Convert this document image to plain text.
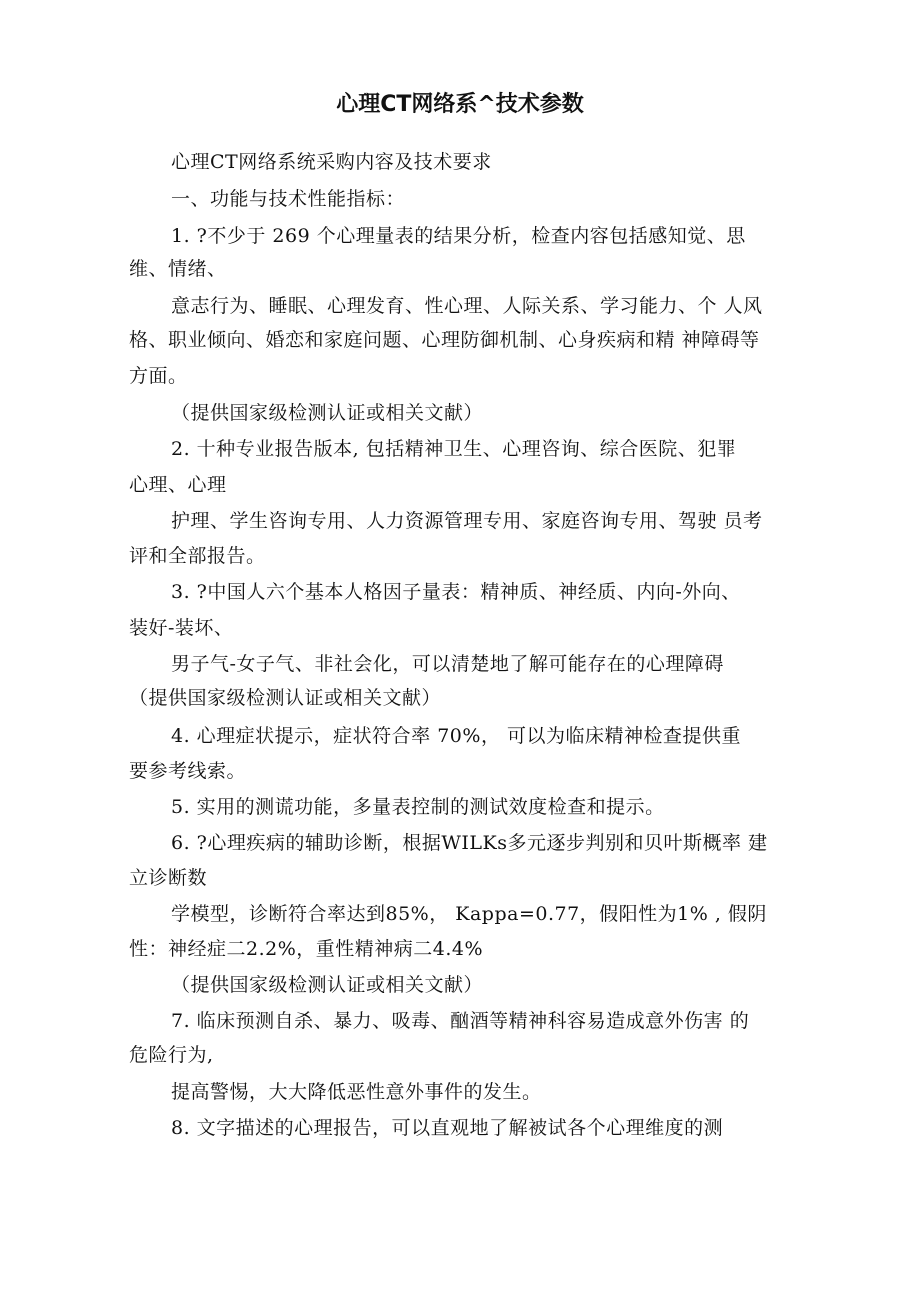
心理CT网络系^技术参数
心理CT网络系统采购内容及技术要求
一、功能与技术性能指标：
1. ?不少于 269 个心理量表的结果分析，检查内容包括感知觉、思
维、情绪、
意志行为、睡眠、心理发育、性心理、人际关系、学习能力、个 人风
格、职业倾向、婚恋和家庭问题、心理防御机制、心身疾病和精 神障碍等
方面。
（提供国家级检测认证或相关文献）
2. 十种专业报告版本, 包括精神卫生、心理咨询、综合医院、犯罪
心理、心理
护理、学生咨询专用、人力资源管理专用、家庭咨询专用、驾驶 员考
评和全部报告。
3. ?中国人六个基本人格因子量表：精神质、神经质、内向-外向、
装好-装坏、
男子气-女子气、非社会化，可以清楚地了解可能存在的心理障碍
（提供国家级检测认证或相关文献）
4. 心理症状提示，症状符合率 70%， 可以为临床精神检查提供重
要参考线索。
5. 实用的测谎功能，多量表控制的测试效度检查和提示。
6. ?心理疾病的辅助诊断，根据WILKs多元逐步判别和贝叶斯概率 建
立诊断数
学模型，诊断符合率达到85%， Kappa=0.77，假阳性为1% , 假阴
性：神经症二2.2%，重性精神病二4.4%
（提供国家级检测认证或相关文献）
7. 临床预测自杀、暴力、吸毒、酗酒等精神科容易造成意外伤害 的
危险行为,
提高警惕，大大降低恶性意外事件的发生。
8. 文字描述的心理报告，可以直观地了解被试各个心理维度的测
